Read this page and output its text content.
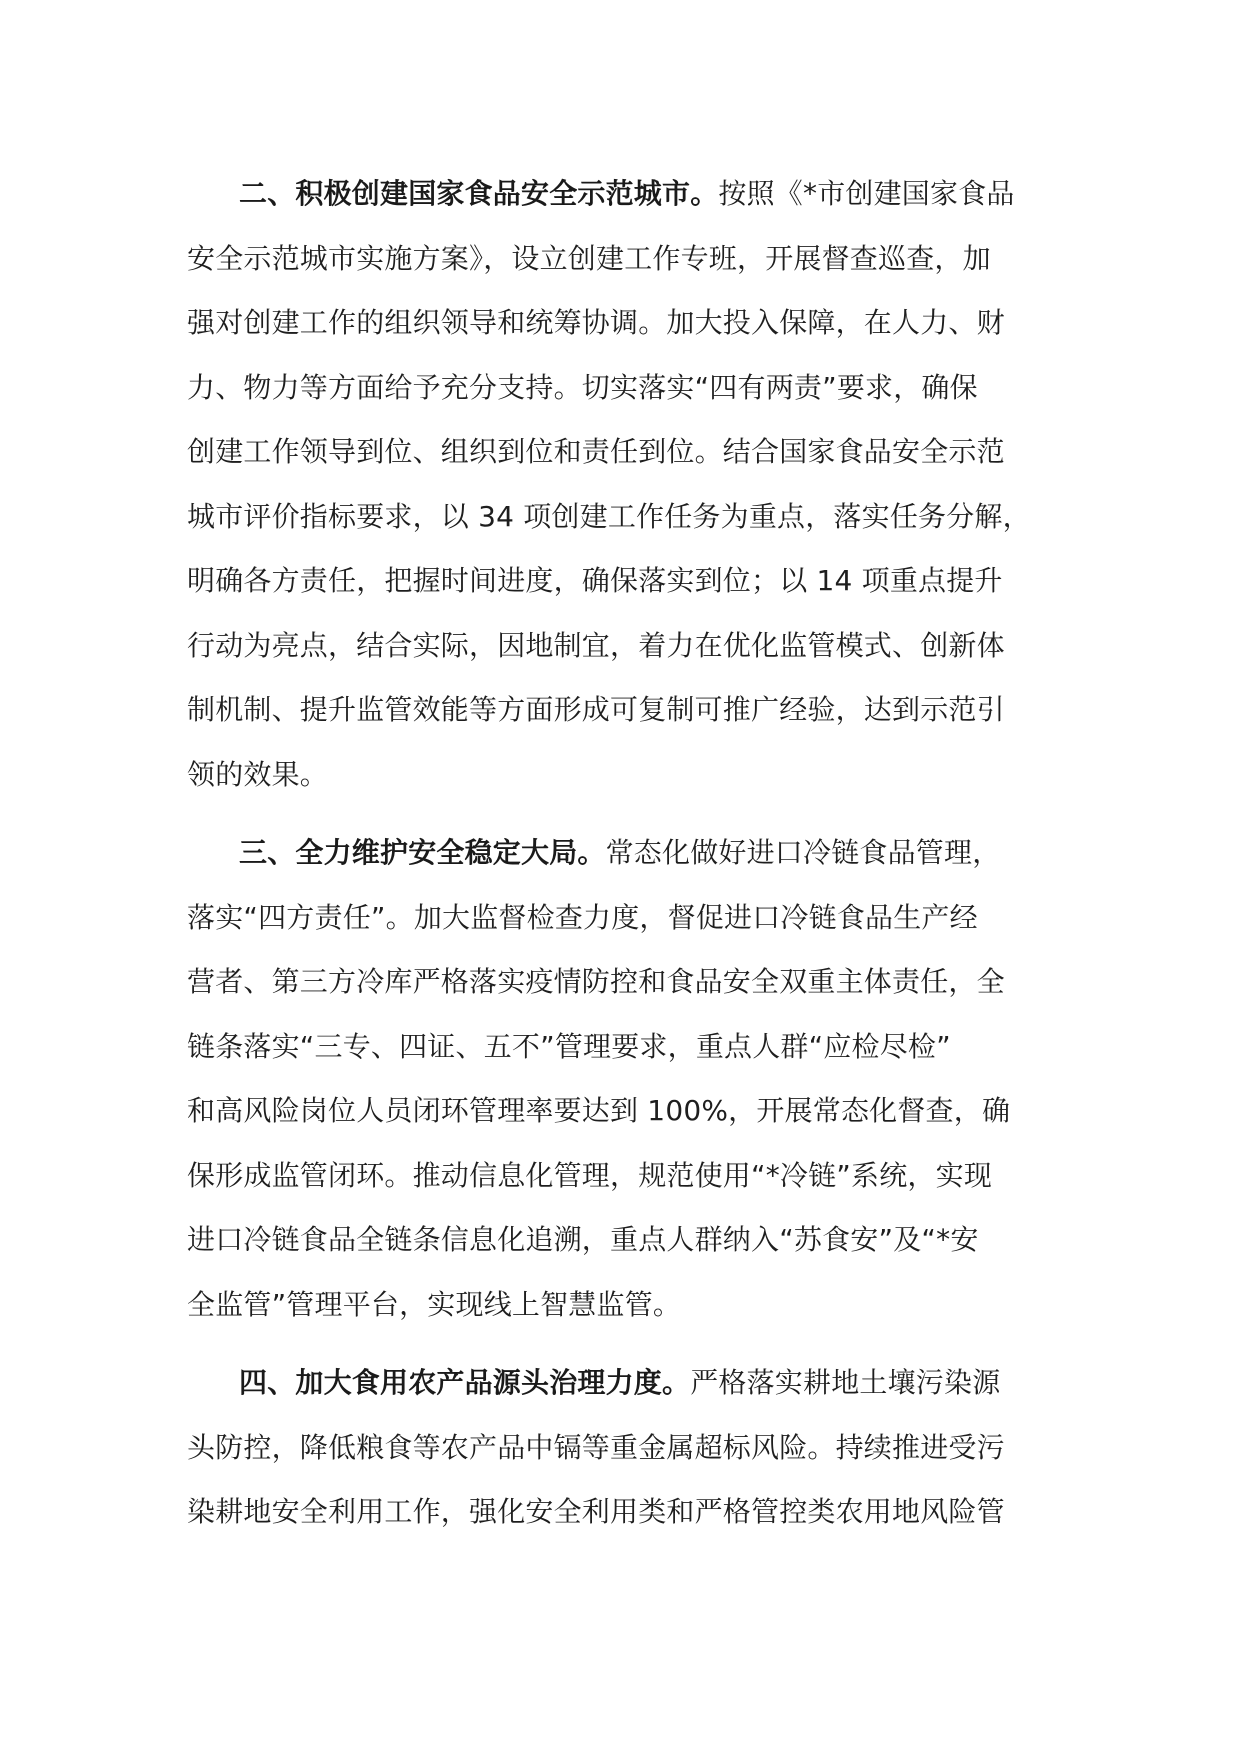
二、积极创建国家食品安全示范城市。按照《*市创建国家食品
安全示范城市实施方案》，设立创建工作专班，开展督查巡查，加
强对创建工作的组织领导和统筹协调。加大投入保障，在人力、财
力、物力等方面给予充分支持。切实落实“四有两责”要求，确保
创建工作领导到位、组织到位和责任到位。结合国家食品安全示范
城市评价指标要求，以 34 项创建工作任务为重点，落实任务分解，
明确各方责任，把握时间进度，确保落实到位；以 14 项重点提升
行动为亮点，结合实际，因地制宜，着力在优化监管模式、创新体
制机制、提升监管效能等方面形成可复制可推广经验，达到示范引
领的效果。
三、全力维护安全稳定大局。常态化做好进口冷链食品管理，
落实“四方责任”。加大监督检查力度，督促进口冷链食品生产经
营者、第三方冷库严格落实疫情防控和食品安全双重主体责任，全
链条落实“三专、四证、五不”管理要求，重点人群“应检尽检”
和高风险岗位人员闭环管理率要达到 100%，开展常态化督查，确
保形成监管闭环。推动信息化管理，规范使用“*冷链”系统，实现
进口冷链食品全链条信息化追溯，重点人群纳入“苏食安”及“*安
全监管”管理平台，实现线上智慧监管。
四、加大食用农产品源头治理力度。严格落实耕地土壤污染源
头防控，降低粮食等农产品中镉等重金属超标风险。持续推进受污
染耕地安全利用工作，强化安全利用类和严格管控类农用地风险管
